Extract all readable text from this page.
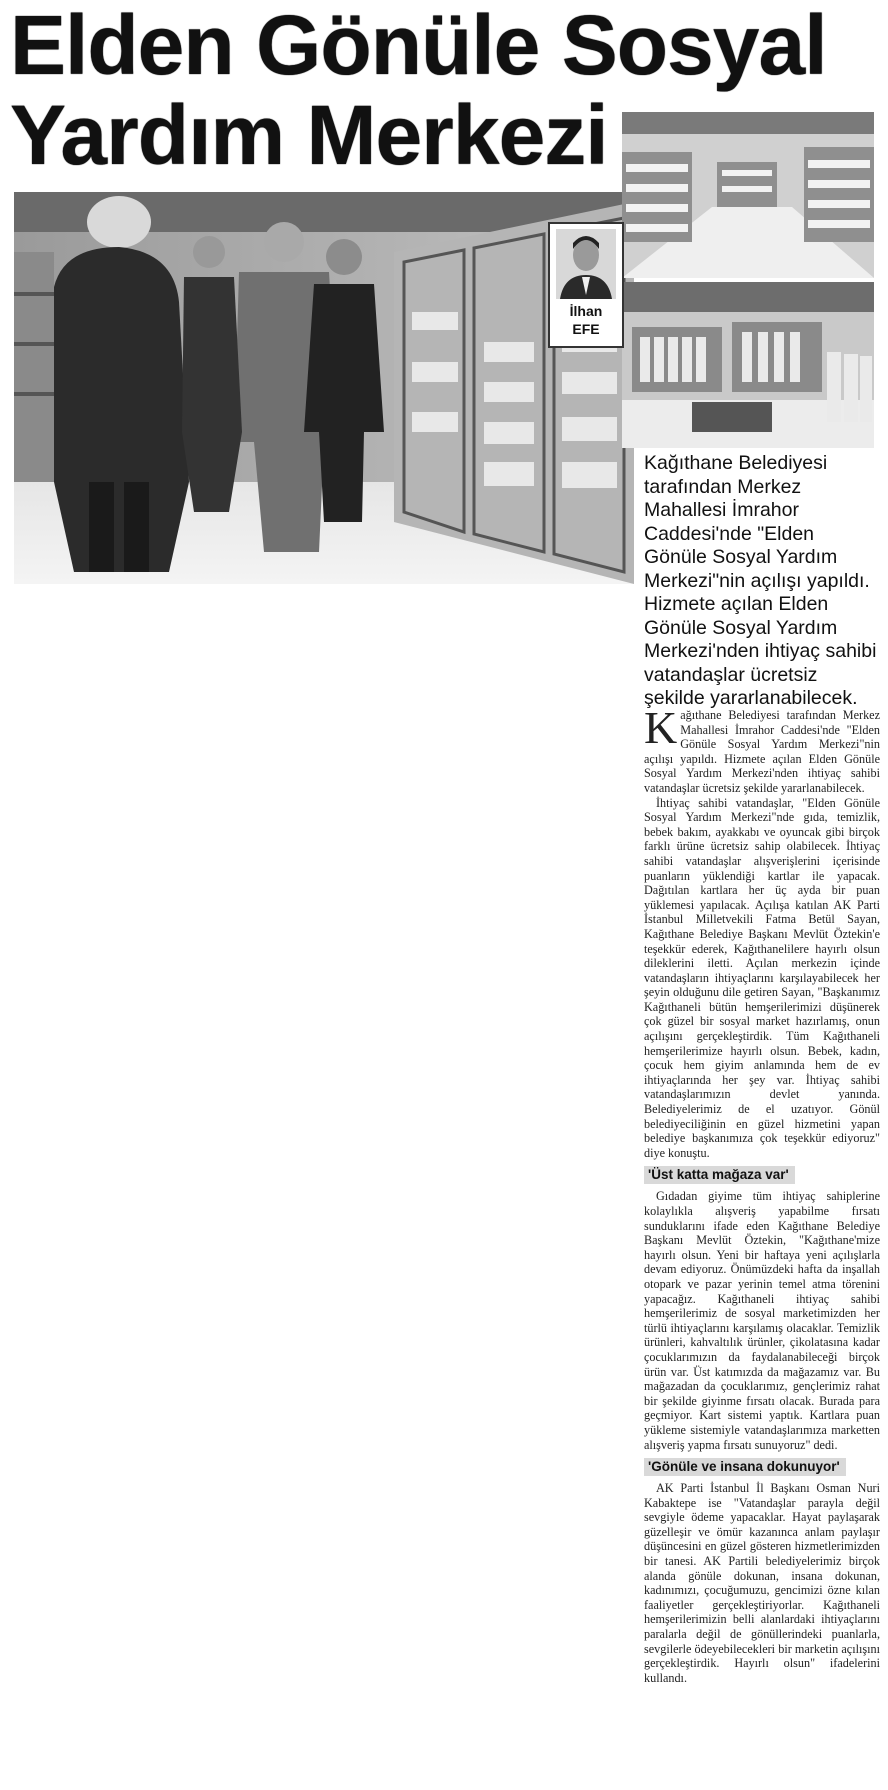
Elden Gönüle Sosyal

Yardım Merkezi
İlhan
EFE
Kağıthane Belediyesi tarafından Merkez Mahallesi İmrahor Caddesi'nde "Elden Gönüle Sosyal Yardım Merkezi"nin açılışı yapıldı. Hizmete açılan Elden Gönüle Sosyal Yardım Merkezi'nden ihtiyaç sahibi vatandaşlar ücretsiz şekilde yararlanabilecek.

Kağıthane Belediyesi tarafından Merkez Mahallesi İmrahor Caddesi'nde "Elden Gönüle Sosyal Yardım Merkezi"nin açılışı yapıldı. Hizmete açılan Elden Gönüle Sosyal Yardım Merkezi'nden ihtiyaç sahibi vatandaşlar ücretsiz şekilde yararlanabilecek.

İhtiyaç sahibi vatandaşlar, "Elden Gönüle Sosyal Yardım Merkezi"nde gıda, temizlik, bebek bakım, ayakkabı ve oyuncak gibi birçok farklı ürüne ücretsiz sahip olabilecek. İhtiyaç sahibi vatandaşlar alışverişlerini içerisinde puanların yüklendiği kartlar ile yapacak. Dağıtılan kartlara her üç ayda bir puan yüklemesi yapılacak. Açılışa katılan AK Parti İstanbul Milletvekili Fatma Betül Sayan, Kağıthane Belediye Başkanı Mevlüt Öztekin'e teşekkür ederek, Kağıthanelilere hayırlı olsun dileklerini iletti. Açılan merkezin içinde vatandaşların ihtiyaçlarını karşılayabilecek her şeyin olduğunu dile getiren Sayan, "Başkanımız Kağıthaneli bütün hemşerilerimizi düşünerek çok güzel bir sosyal market hazırlamış, onun açılışını gerçekleştirdik. Tüm Kağıthaneli hemşerilerimize hayırlı olsun. Bebek, kadın, çocuk hem giyim anlamında hem de ev ihtiyaçlarında her şey var. İhtiyaç sahibi vatandaşlarımızın devlet yanında. Belediyelerimiz de el uzatıyor. Gönül belediyeciliğinin en güzel hizmetini yapan belediye başkanımıza çok teşekkür ediyoruz" diye konuştu.

'Üst katta mağaza var'

Gıdadan giyime tüm ihtiyaç sahiplerine kolaylıkla alışveriş yapabilme fırsatı sunduklarını ifade eden Kağıthane Belediye Başkanı Mevlüt Öztekin, "Kağıthane'mize hayırlı olsun. Yeni bir haftaya yeni açılışlarla devam ediyoruz. Önümüzdeki hafta da inşallah otopark ve pazar yerinin temel atma törenini yapacağız. Kağıthaneli ihtiyaç sahibi hemşerilerimiz de sosyal marketimizden her türlü ihtiyaçlarını karşılamış olacaklar. Temizlik ürünleri, kahvaltılık ürünler, çikolatasına kadar çocuklarımızın da faydalanabileceği birçok ürün var. Üst katımızda da mağazamız var. Bu mağazadan da çocuklarımız, gençlerimiz rahat bir şekilde giyinme fırsatı olacak. Burada para geçmiyor. Kart sistemi yaptık. Kartlara puan yükleme sistemiyle vatandaşlarımıza marketten alışveriş yapma fırsatı sunuyoruz" dedi.

'Gönüle ve insana dokunuyor'

AK Parti İstanbul İl Başkanı Osman Nuri Kabaktepe ise "Vatandaşlar parayla değil sevgiyle ödeme yapacaklar. Hayat paylaşarak güzelleşir ve ömür kazanınca anlam paylaşır düşüncesini en güzel gösteren hizmetlerimizden bir tanesi. AK Partili belediyelerimiz birçok alanda gönüle dokunan, insana dokunan, kadınımızı, çocuğumuzu, gencimizi özne kılan faaliyetler gerçekleştiriyorlar. Kağıthaneli hemşerilerimizin belli alanlardaki ihtiyaçlarını paralarla değil de gönüllerindeki puanlarla, sevgilerle ödeyebilecekleri bir marketin açılışını gerçekleştirdik. Hayırlı olsun" ifadelerini kullandı.
